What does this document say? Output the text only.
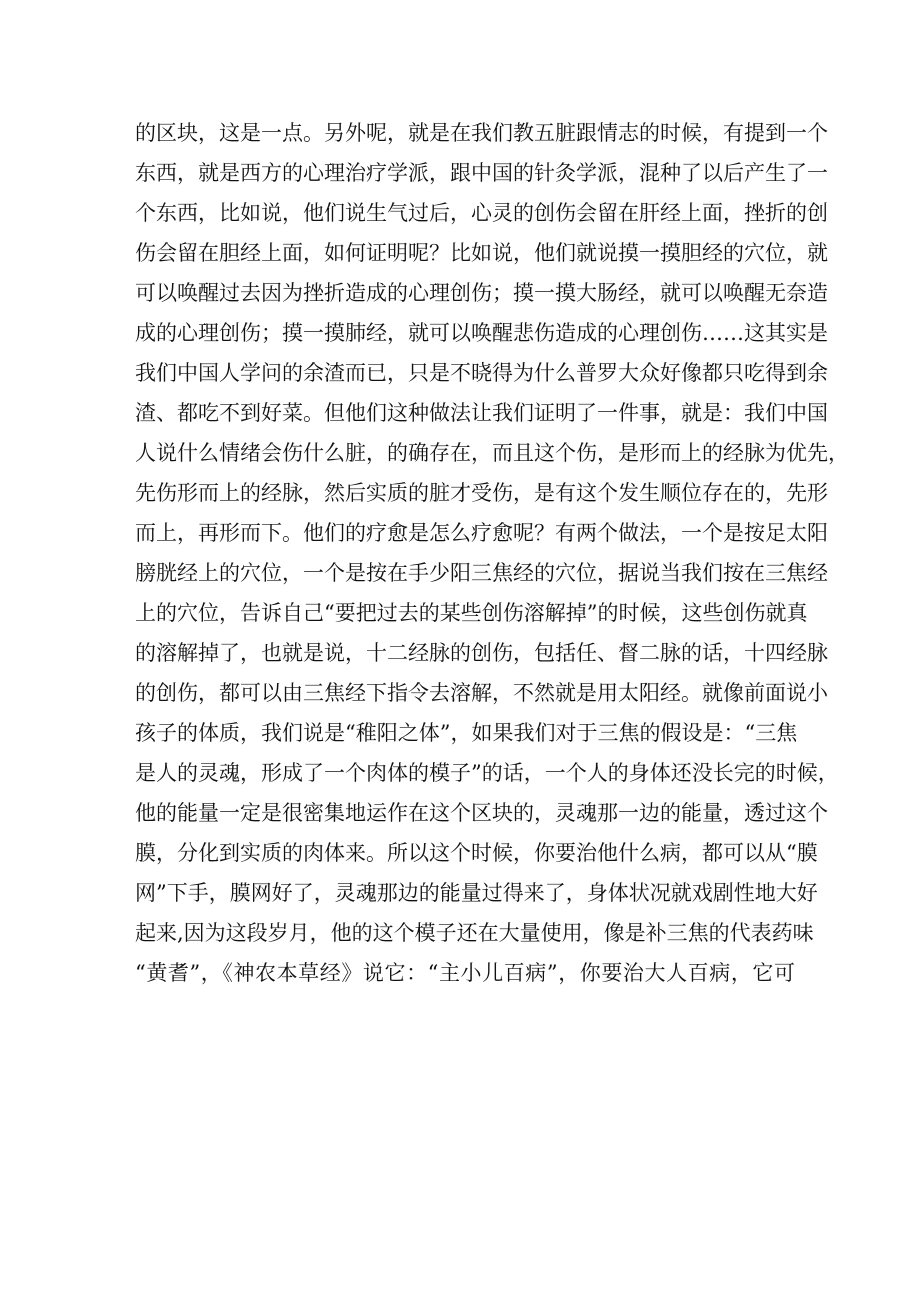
的区块，这是一点。另外呢，就是在我们教五脏跟情志的时候，有提到一个
东西，就是西方的心理治疗学派，跟中国的针灸学派，混种了以后产生了一
个东西，比如说，他们说生气过后，心灵的创伤会留在肝经上面，挫折的创
伤会留在胆经上面，如何证明呢？比如说，他们就说摸一摸胆经的穴位，就
可以唤醒过去因为挫折造成的心理创伤；摸一摸大肠经，就可以唤醒无奈造
成的心理创伤；摸一摸肺经，就可以唤醒悲伤造成的心理创伤……这其实是
我们中国人学问的余渣而已，只是不晓得为什么普罗大众好像都只吃得到余
渣、都吃不到好菜。但他们这种做法让我们证明了一件事，就是：我们中国
人说什么情绪会伤什么脏，的确存在，而且这个伤，是形而上的经脉为优先，
先伤形而上的经脉，然后实质的脏才受伤，是有这个发生顺位存在的，先形
而上，再形而下。他们的疗愈是怎么疗愈呢？有两个做法，一个是按足太阳
膀胱经上的穴位，一个是按在手少阳三焦经的穴位，据说当我们按在三焦经
上的穴位，告诉自己“要把过去的某些创伤溶解掉”的时候，这些创伤就真
的溶解掉了，也就是说，十二经脉的创伤，包括任、督二脉的话，十四经脉
的创伤，都可以由三焦经下指令去溶解，不然就是用太阳经。就像前面说小
孩子的体质，我们说是“稚阳之体”，如果我们对于三焦的假设是：“三焦
是人的灵魂，形成了一个肉体的模子”的话，一个人的身体还没长完的时候，
他的能量一定是很密集地运作在这个区块的，灵魂那一边的能量，透过这个
膜，分化到实质的肉体来。所以这个时候，你要治他什么病，都可以从“膜
网”下手，膜网好了，灵魂那边的能量过得来了，身体状况就戏剧性地大好
起来,因为这段岁月，他的这个模子还在大量使用，像是补三焦的代表药味
“黄耆”，《神农本草经》说它：“主小儿百病”，你要治大人百病，它可
